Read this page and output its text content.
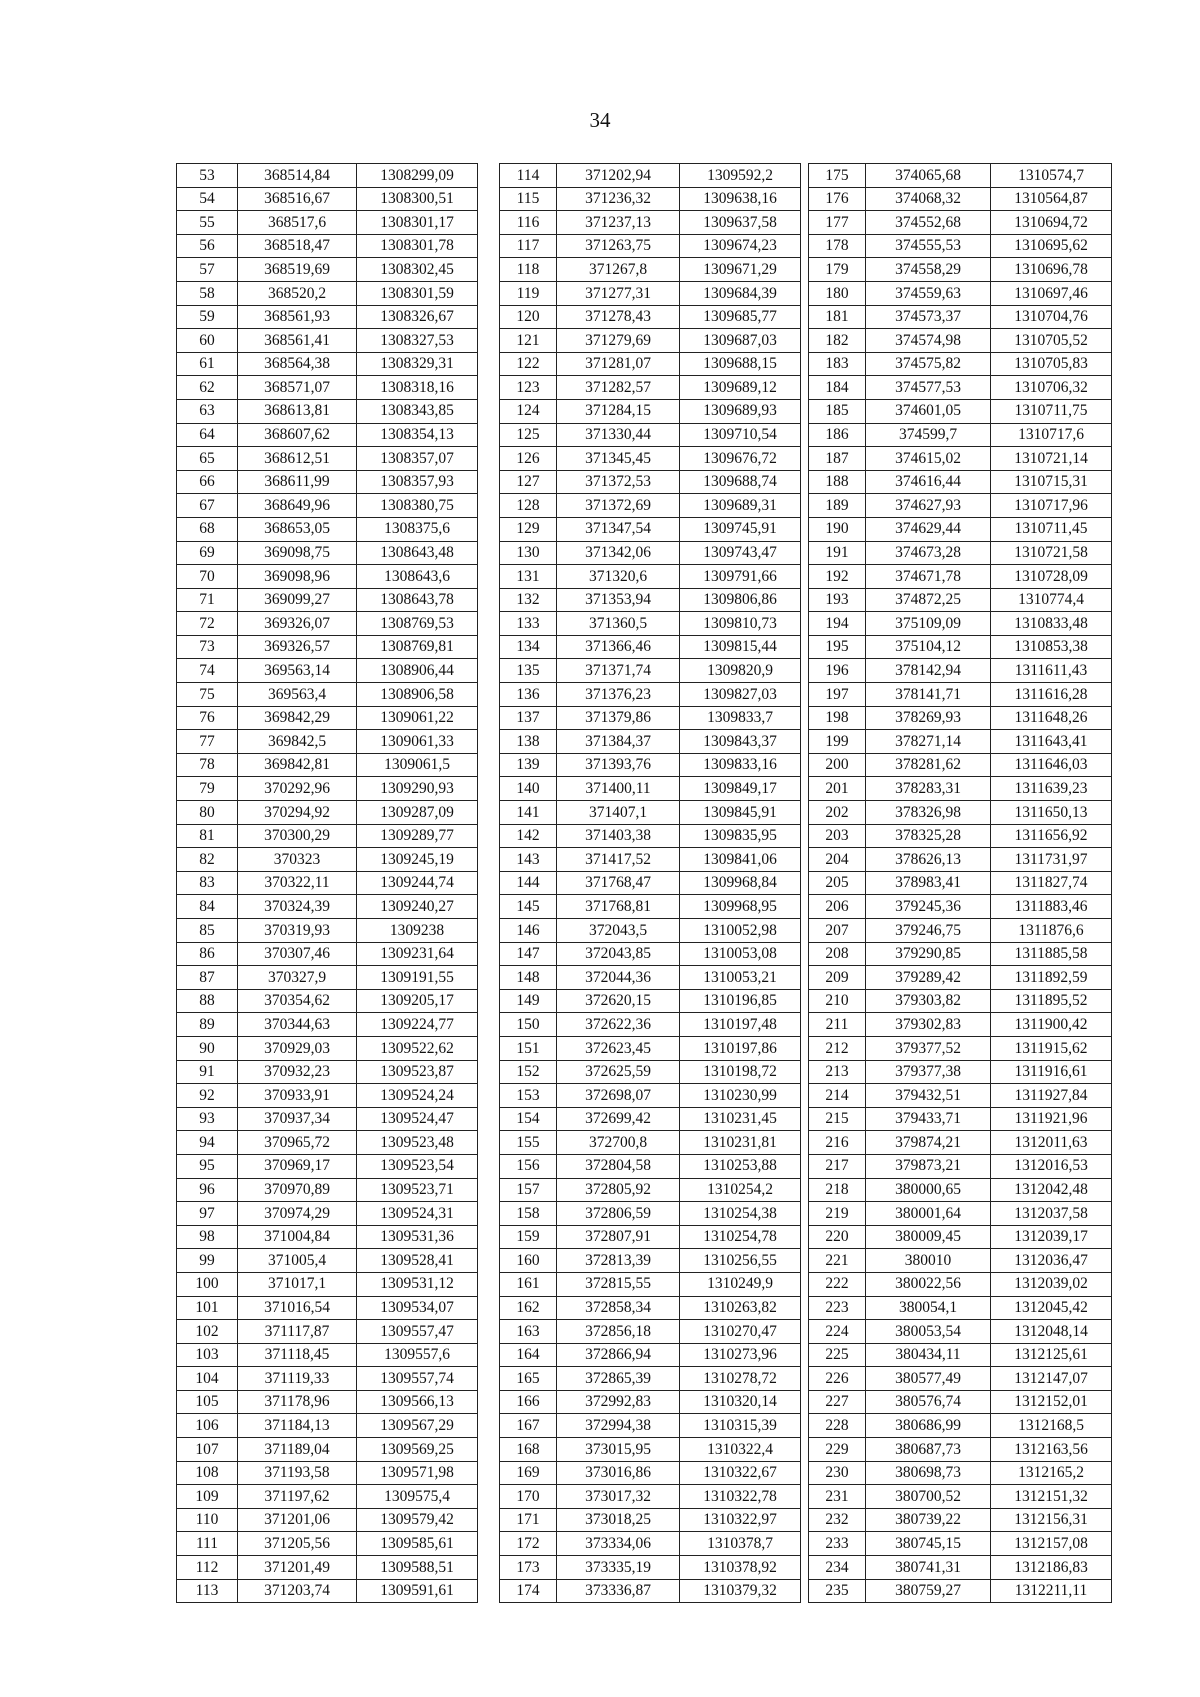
34
53	368514,84	1308299,09
54	368516,67	1308300,51
55	368517,6	1308301,17
56	368518,47	1308301,78
57	368519,69	1308302,45
58	368520,2	1308301,59
59	368561,93	1308326,67
60	368561,41	1308327,53
61	368564,38	1308329,31
62	368571,07	1308318,16
63	368613,81	1308343,85
64	368607,62	1308354,13
65	368612,51	1308357,07
66	368611,99	1308357,93
67	368649,96	1308380,75
68	368653,05	1308375,6
69	369098,75	1308643,48
70	369098,96	1308643,6
71	369099,27	1308643,78
72	369326,07	1308769,53
73	369326,57	1308769,81
74	369563,14	1308906,44
75	369563,4	1308906,58
76	369842,29	1309061,22
77	369842,5	1309061,33
78	369842,81	1309061,5
79	370292,96	1309290,93
80	370294,92	1309287,09
81	370300,29	1309289,77
82	370323	1309245,19
83	370322,11	1309244,74
84	370324,39	1309240,27
85	370319,93	1309238
86	370307,46	1309231,64
87	370327,9	1309191,55
88	370354,62	1309205,17
89	370344,63	1309224,77
90	370929,03	1309522,62
91	370932,23	1309523,87
92	370933,91	1309524,24
93	370937,34	1309524,47
94	370965,72	1309523,48
95	370969,17	1309523,54
96	370970,89	1309523,71
97	370974,29	1309524,31
98	371004,84	1309531,36
99	371005,4	1309528,41
100	371017,1	1309531,12
101	371016,54	1309534,07
102	371117,87	1309557,47
103	371118,45	1309557,6
104	371119,33	1309557,74
105	371178,96	1309566,13
106	371184,13	1309567,29
107	371189,04	1309569,25
108	371193,58	1309571,98
109	371197,62	1309575,4
110	371201,06	1309579,42
111	371205,56	1309585,61
112	371201,49	1309588,51
113	371203,74	1309591,61
114	371202,94	1309592,2
115	371236,32	1309638,16
116	371237,13	1309637,58
117	371263,75	1309674,23
118	371267,8	1309671,29
119	371277,31	1309684,39
120	371278,43	1309685,77
121	371279,69	1309687,03
122	371281,07	1309688,15
123	371282,57	1309689,12
124	371284,15	1309689,93
125	371330,44	1309710,54
126	371345,45	1309676,72
127	371372,53	1309688,74
128	371372,69	1309689,31
129	371347,54	1309745,91
130	371342,06	1309743,47
131	371320,6	1309791,66
132	371353,94	1309806,86
133	371360,5	1309810,73
134	371366,46	1309815,44
135	371371,74	1309820,9
136	371376,23	1309827,03
137	371379,86	1309833,7
138	371384,37	1309843,37
139	371393,76	1309833,16
140	371400,11	1309849,17
141	371407,1	1309845,91
142	371403,38	1309835,95
143	371417,52	1309841,06
144	371768,47	1309968,84
145	371768,81	1309968,95
146	372043,5	1310052,98
147	372043,85	1310053,08
148	372044,36	1310053,21
149	372620,15	1310196,85
150	372622,36	1310197,48
151	372623,45	1310197,86
152	372625,59	1310198,72
153	372698,07	1310230,99
154	372699,42	1310231,45
155	372700,8	1310231,81
156	372804,58	1310253,88
157	372805,92	1310254,2
158	372806,59	1310254,38
159	372807,91	1310254,78
160	372813,39	1310256,55
161	372815,55	1310249,9
162	372858,34	1310263,82
163	372856,18	1310270,47
164	372866,94	1310273,96
165	372865,39	1310278,72
166	372992,83	1310320,14
167	372994,38	1310315,39
168	373015,95	1310322,4
169	373016,86	1310322,67
170	373017,32	1310322,78
171	373018,25	1310322,97
172	373334,06	1310378,7
173	373335,19	1310378,92
174	373336,87	1310379,32
175	374065,68	1310574,7
176	374068,32	1310564,87
177	374552,68	1310694,72
178	374555,53	1310695,62
179	374558,29	1310696,78
180	374559,63	1310697,46
181	374573,37	1310704,76
182	374574,98	1310705,52
183	374575,82	1310705,83
184	374577,53	1310706,32
185	374601,05	1310711,75
186	374599,7	1310717,6
187	374615,02	1310721,14
188	374616,44	1310715,31
189	374627,93	1310717,96
190	374629,44	1310711,45
191	374673,28	1310721,58
192	374671,78	1310728,09
193	374872,25	1310774,4
194	375109,09	1310833,48
195	375104,12	1310853,38
196	378142,94	1311611,43
197	378141,71	1311616,28
198	378269,93	1311648,26
199	378271,14	1311643,41
200	378281,62	1311646,03
201	378283,31	1311639,23
202	378326,98	1311650,13
203	378325,28	1311656,92
204	378626,13	1311731,97
205	378983,41	1311827,74
206	379245,36	1311883,46
207	379246,75	1311876,6
208	379290,85	1311885,58
209	379289,42	1311892,59
210	379303,82	1311895,52
211	379302,83	1311900,42
212	379377,52	1311915,62
213	379377,38	1311916,61
214	379432,51	1311927,84
215	379433,71	1311921,96
216	379874,21	1312011,63
217	379873,21	1312016,53
218	380000,65	1312042,48
219	380001,64	1312037,58
220	380009,45	1312039,17
221	380010	1312036,47
222	380022,56	1312039,02
223	380054,1	1312045,42
224	380053,54	1312048,14
225	380434,11	1312125,61
226	380577,49	1312147,07
227	380576,74	1312152,01
228	380686,99	1312168,5
229	380687,73	1312163,56
230	380698,73	1312165,2
231	380700,52	1312151,32
232	380739,22	1312156,31
233	380745,15	1312157,08
234	380741,31	1312186,83
235	380759,27	1312211,11
